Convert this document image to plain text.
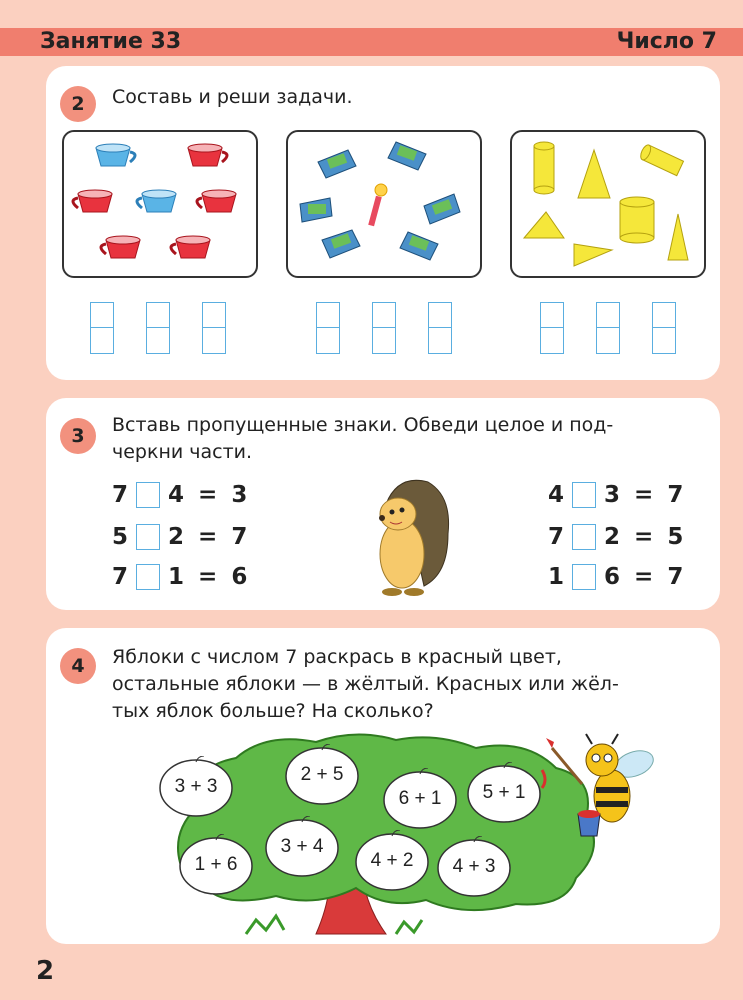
Занятие 33	Число 7
2	Составь и реши задачи.
3	Вставь пропущенные знаки. Обведи целое и под-
черкни части.
7 4 = 3
5 2 = 7
7 1 = 6
4 3 = 7
7 2 = 5
1 6 = 7
4	Яблоки с числом 7 раскрась в красный цвет,
остальные яблоки — в жёлтый. Красных или жёл-
тых яблок больше? На сколько?
3 + 3
2 + 5
6 + 1	5 + 1
3 + 4
1 + 6	4 + 2	4 + 3
2
